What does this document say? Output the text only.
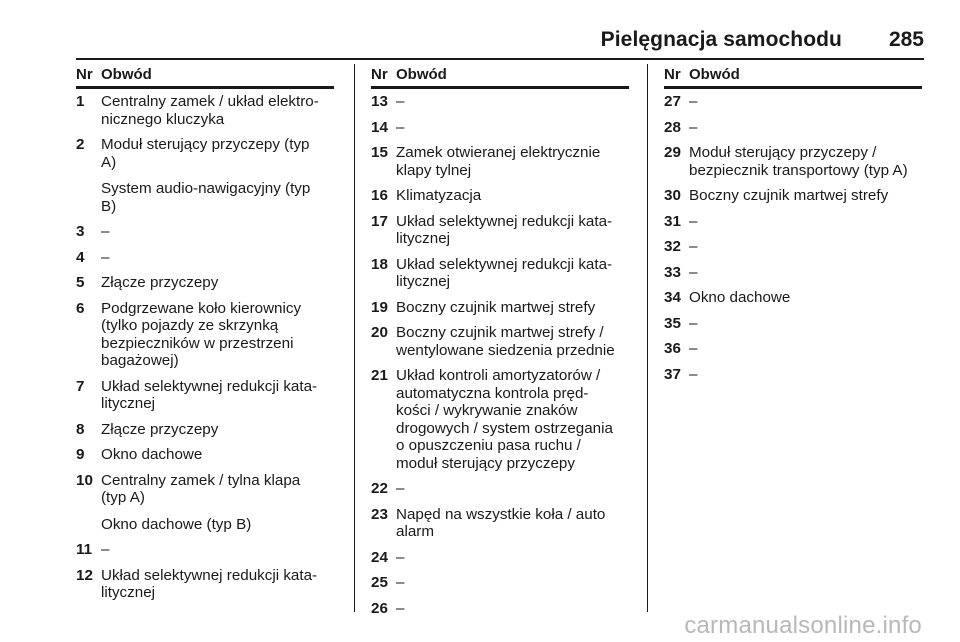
Pielęgnacja samochodu 285
Nr Obwód
1	Centralny zamek / układ elektro-
nicznego kluczyka
2	Moduł sterujący przyczepy (typ
A)
System audio-nawigacyjny (typ
B)
3	–
4	–
5	Złącze przyczepy
6	Podgrzewane koło kierownicy
(tylko pojazdy ze skrzynką
bezpieczników w przestrzeni
bagażowej)
7	Układ selektywnej redukcji kata-
litycznej
8	Złącze przyczepy
9	Okno dachowe
10 Centralny zamek / tylna klapa
(typ A)
Okno dachowe (typ B)
11 –
12 Układ selektywnej redukcji kata-
litycznej
Nr Obwód
13 –
14 –
15 Zamek otwieranej elektrycznie
klapy tylnej
16 Klimatyzacja
17 Układ selektywnej redukcji kata-
litycznej
18 Układ selektywnej redukcji kata-
litycznej
19 Boczny czujnik martwej strefy
20 Boczny czujnik martwej strefy /
wentylowane siedzenia przednie
21 Układ kontroli amortyzatorów /
automatyczna kontrola pręd-
kości / wykrywanie znaków
drogowych / system ostrzegania
o opuszczeniu pasa ruchu /
moduł sterujący przyczepy
22 –
23 Napęd na wszystkie koła / auto
alarm
24 –
25 –
26 –
Nr Obwód
27 –
28 –
29 Moduł sterujący przyczepy /
bezpiecznik transportowy (typ A)
30 Boczny czujnik martwej strefy
31 –
32 –
33 –
34 Okno dachowe
35 –
36 –
37 –
carmanualsonline.info
